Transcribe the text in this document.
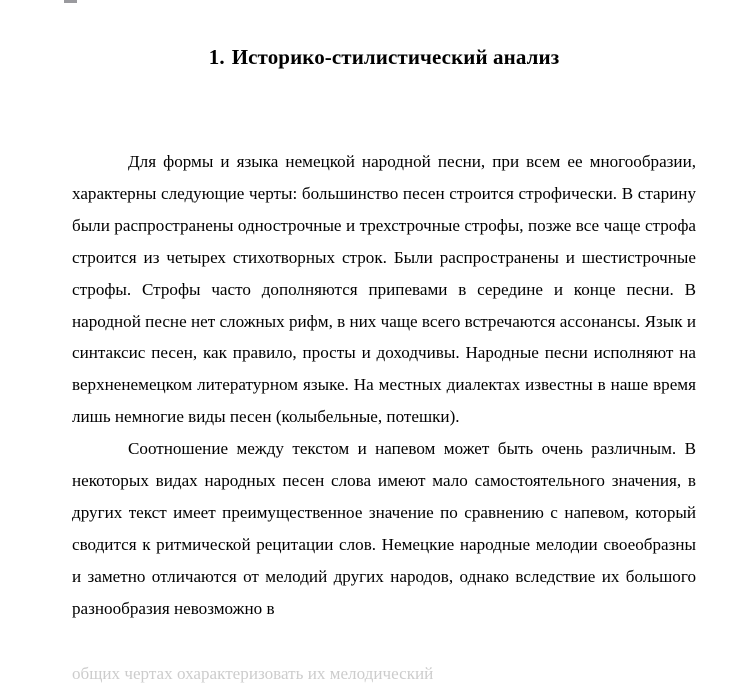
1. Историко-стилистический анализ

Для формы и языка немецкой народной песни, при всем ее многообразии, характерны следующие черты: большинство песен строится строфически. В старину были распространены однострочные и трехстрочные строфы, позже все чаще строфа строится из четырех стихотворных строк. Были распространены и шестистрочные строфы. Строфы часто дополняются припевами в середине и конце песни. В народной песне нет сложных рифм, в них чаще всего встречаются ассонансы. Язык и синтаксис песен, как правило, просты и доходчивы. Народные песни исполняют на верхненемецком литературном языке. На местных диалектах известны в наше время лишь немногие виды песен (колыбельные, потешки).

Соотношение между текстом и напевом может быть очень различным. В некоторых видах народных песен слова имеют мало самостоятельного значения, в других текст имеет преимущественное значение по сравнению с напевом, который сводится к ритмической рецитации слов. Немецкие народные мелодии своеобразны и заметно отличаются от мелодий других народов, однако вследствие их большого разнообразия невозможно в

общих чертах охарактеризовать их мелодический
